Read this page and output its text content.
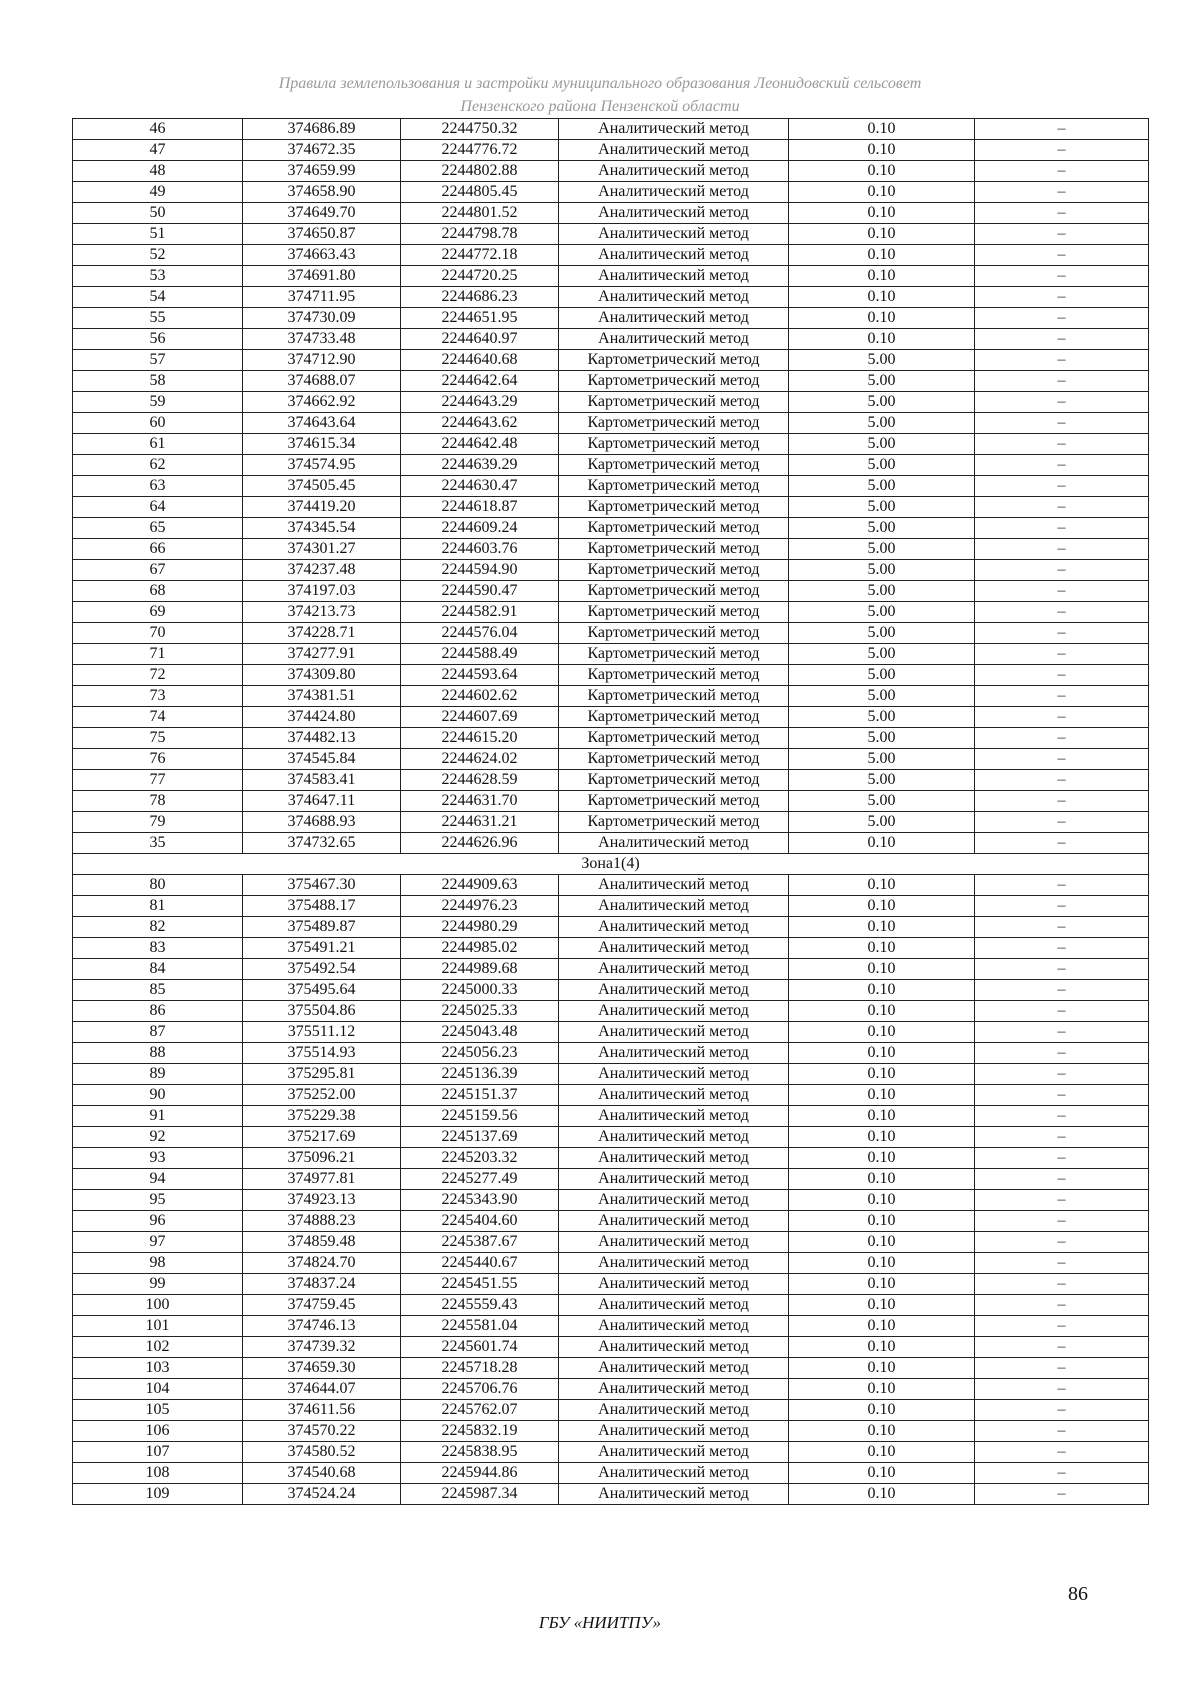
Правила землепользования и застройки муниципального образования Леонидовский сельсовет
Пензенского района Пензенской области
46	374686.89	2244750.32	Аналитический метод	0.10	–
47	374672.35	2244776.72	Аналитический метод	0.10	–
48	374659.99	2244802.88	Аналитический метод	0.10	–
49	374658.90	2244805.45	Аналитический метод	0.10	–
50	374649.70	2244801.52	Аналитический метод	0.10	–
51	374650.87	2244798.78	Аналитический метод	0.10	–
52	374663.43	2244772.18	Аналитический метод	0.10	–
53	374691.80	2244720.25	Аналитический метод	0.10	–
54	374711.95	2244686.23	Аналитический метод	0.10	–
55	374730.09	2244651.95	Аналитический метод	0.10	–
56	374733.48	2244640.97	Аналитический метод	0.10	–
57	374712.90	2244640.68	Картометрический метод	5.00	–
58	374688.07	2244642.64	Картометрический метод	5.00	–
59	374662.92	2244643.29	Картометрический метод	5.00	–
60	374643.64	2244643.62	Картометрический метод	5.00	–
61	374615.34	2244642.48	Картометрический метод	5.00	–
62	374574.95	2244639.29	Картометрический метод	5.00	–
63	374505.45	2244630.47	Картометрический метод	5.00	–
64	374419.20	2244618.87	Картометрический метод	5.00	–
65	374345.54	2244609.24	Картометрический метод	5.00	–
66	374301.27	2244603.76	Картометрический метод	5.00	–
67	374237.48	2244594.90	Картометрический метод	5.00	–
68	374197.03	2244590.47	Картометрический метод	5.00	–
69	374213.73	2244582.91	Картометрический метод	5.00	–
70	374228.71	2244576.04	Картометрический метод	5.00	–
71	374277.91	2244588.49	Картометрический метод	5.00	–
72	374309.80	2244593.64	Картометрический метод	5.00	–
73	374381.51	2244602.62	Картометрический метод	5.00	–
74	374424.80	2244607.69	Картометрический метод	5.00	–
75	374482.13	2244615.20	Картометрический метод	5.00	–
76	374545.84	2244624.02	Картометрический метод	5.00	–
77	374583.41	2244628.59	Картометрический метод	5.00	–
78	374647.11	2244631.70	Картометрический метод	5.00	–
79	374688.93	2244631.21	Картометрический метод	5.00	–
35	374732.65	2244626.96	Аналитический метод	0.10	–
Зона1(4)					
80	375467.30	2244909.63	Аналитический метод	0.10	–
81	375488.17	2244976.23	Аналитический метод	0.10	–
82	375489.87	2244980.29	Аналитический метод	0.10	–
83	375491.21	2244985.02	Аналитический метод	0.10	–
84	375492.54	2244989.68	Аналитический метод	0.10	–
85	375495.64	2245000.33	Аналитический метод	0.10	–
86	375504.86	2245025.33	Аналитический метод	0.10	–
87	375511.12	2245043.48	Аналитический метод	0.10	–
88	375514.93	2245056.23	Аналитический метод	0.10	–
89	375295.81	2245136.39	Аналитический метод	0.10	–
90	375252.00	2245151.37	Аналитический метод	0.10	–
91	375229.38	2245159.56	Аналитический метод	0.10	–
92	375217.69	2245137.69	Аналитический метод	0.10	–
93	375096.21	2245203.32	Аналитический метод	0.10	–
94	374977.81	2245277.49	Аналитический метод	0.10	–
95	374923.13	2245343.90	Аналитический метод	0.10	–
96	374888.23	2245404.60	Аналитический метод	0.10	–
97	374859.48	2245387.67	Аналитический метод	0.10	–
98	374824.70	2245440.67	Аналитический метод	0.10	–
99	374837.24	2245451.55	Аналитический метод	0.10	–
100	374759.45	2245559.43	Аналитический метод	0.10	–
101	374746.13	2245581.04	Аналитический метод	0.10	–
102	374739.32	2245601.74	Аналитический метод	0.10	–
103	374659.30	2245718.28	Аналитический метод	0.10	–
104	374644.07	2245706.76	Аналитический метод	0.10	–
105	374611.56	2245762.07	Аналитический метод	0.10	–
106	374570.22	2245832.19	Аналитический метод	0.10	–
107	374580.52	2245838.95	Аналитический метод	0.10	–
108	374540.68	2245944.86	Аналитический метод	0.10	–
109	374524.24	2245987.34	Аналитический метод	0.10	–
86
ГБУ «НИИТПУ»
